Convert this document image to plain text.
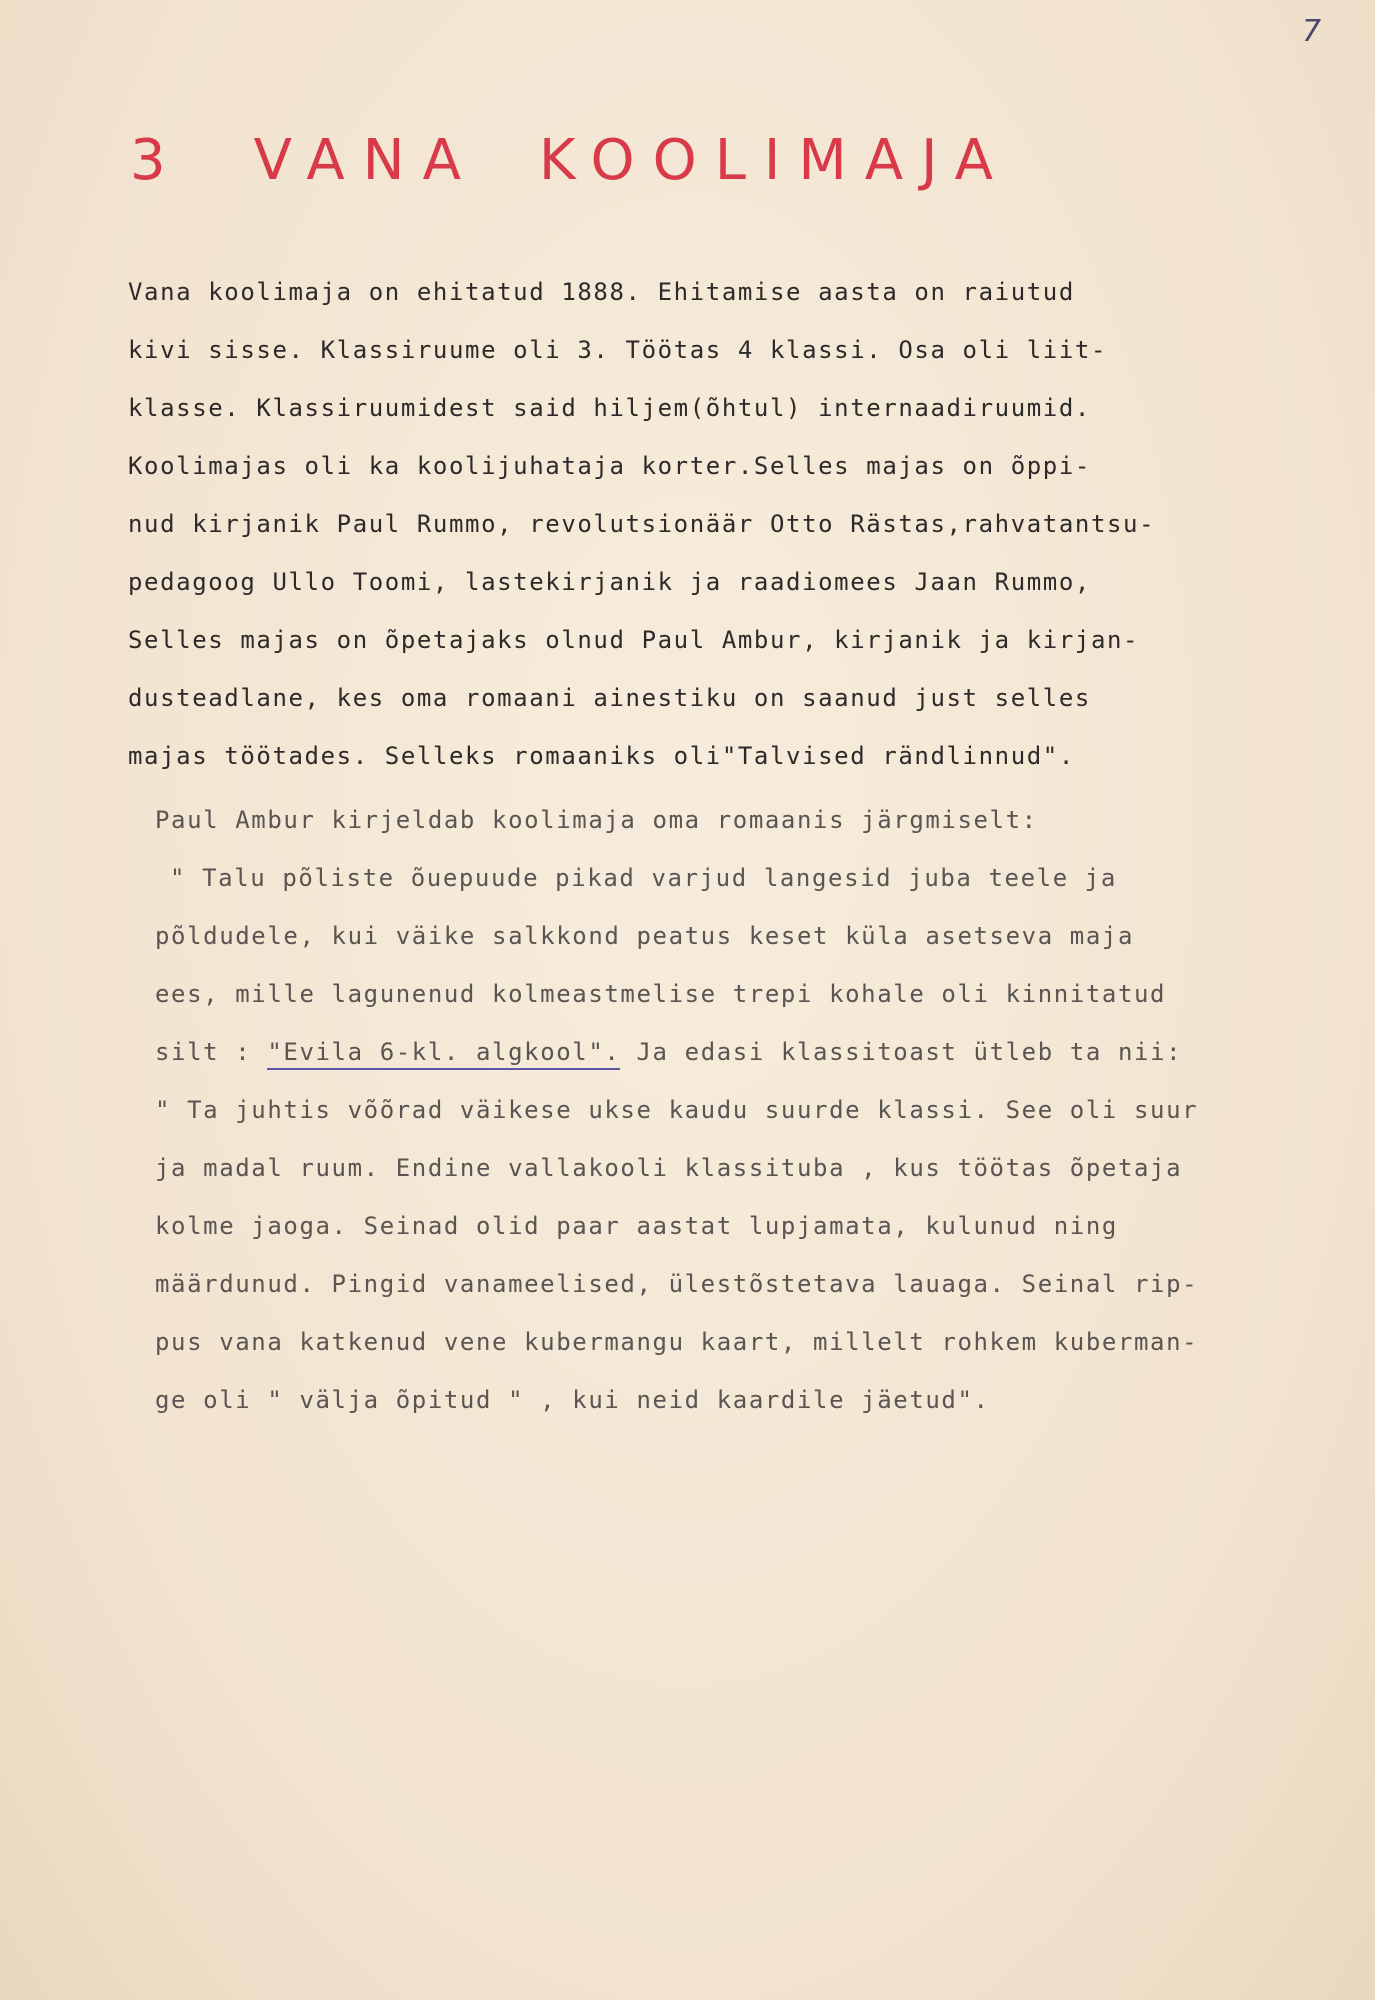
7
3 VANA KOOLIMAJA
Vana koolimaja on ehitatud 1888. Ehitamise aasta on raiutud
kivi sisse. Klassiruume oli 3. Töötas 4 klassi. Osa oli liit-
klasse. Klassiruumidest said hiljem(õhtul) internaadiruumid.
Koolimajas oli ka koolijuhataja korter.Selles majas on õppi-
nud kirjanik Paul Rummo, revolutsionäär Otto Rästas,rahvatantsu-
pedagoog Ullo Toomi, lastekirjanik ja raadiomees Jaan Rummo,
Selles majas on õpetajaks olnud Paul Ambur, kirjanik ja kirjan-
dusteadlane, kes oma romaani ainestiku on saanud just selles
majas töötades. Selleks romaaniks oli"Talvised rändlinnud".
Paul Ambur kirjeldab koolimaja oma romaanis järgmiselt:
" Talu põliste õuepuude pikad varjud langesid juba teele ja
põldudele, kui väike salkkond peatus keset küla asetseva maja
ees, mille lagunenud kolmeastmelise trepi kohale oli kinnitatud
silt : "Evila 6-kl. algkool". Ja edasi klassitoast ütleb ta nii:
" Ta juhtis võõrad väikese ukse kaudu suurde klassi. See oli suur
ja madal ruum. Endine vallakooli klassituba , kus töötas õpetaja
kolme jaoga. Seinad olid paar aastat lupjamata, kulunud ning
määrdunud. Pingid vanameelised, ülestõstetava lauaga. Seinal rip-
pus vana katkenud vene kubermangu kaart, millelt rohkem kuberman-
ge oli " välja õpitud " , kui neid kaardile jäetud".
